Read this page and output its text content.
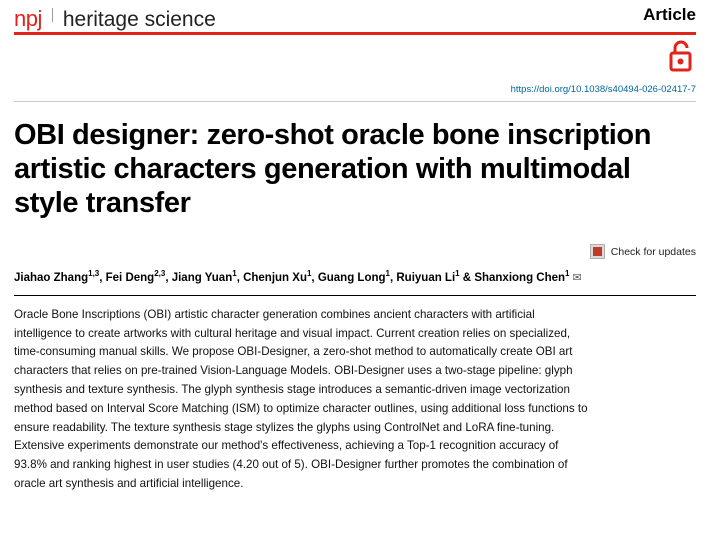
npj heritage science	Article
https://doi.org/10.1038/s40494-026-02417-7
OBI designer: zero-shot oracle bone inscription artistic characters generation with multimodal style transfer
Check for updates
Jiahao Zhang$^{1,3}$, Fei Deng$^{2,3}$, Jiang Yuan$^1$, Chenjun Xu$^1$, Guang Long$^1$, Ruiyuan Li$^1$ & Shanxiong Chen$^1$ ✉

Oracle Bone Inscriptions (OBI) artistic character generation combines ancient characters with artificial intelligence to create artworks with cultural heritage and visual impact. Current creation relies on specialized, time-consuming manual skills. We propose OBI-Designer, a zero-shot method to automatically create OBI art characters that relies on pre-trained Vision-Language Models. OBI-Designer uses a two-stage pipeline: glyph synthesis and texture synthesis. The glyph synthesis stage introduces a semantic-driven image vectorization method based on Interval Score Matching (ISM) to optimize character outlines, using additional loss functions to ensure readability. The texture synthesis stage stylizes the glyphs using ControlNet and LoRA fine-tuning. Extensive experiments demonstrate our method's effectiveness, achieving a Top-1 recognition accuracy of 93.8% and ranking highest in user studies (4.20 out of 5). OBI-Designer further promotes the combination of oracle art synthesis and artificial intelligence.
